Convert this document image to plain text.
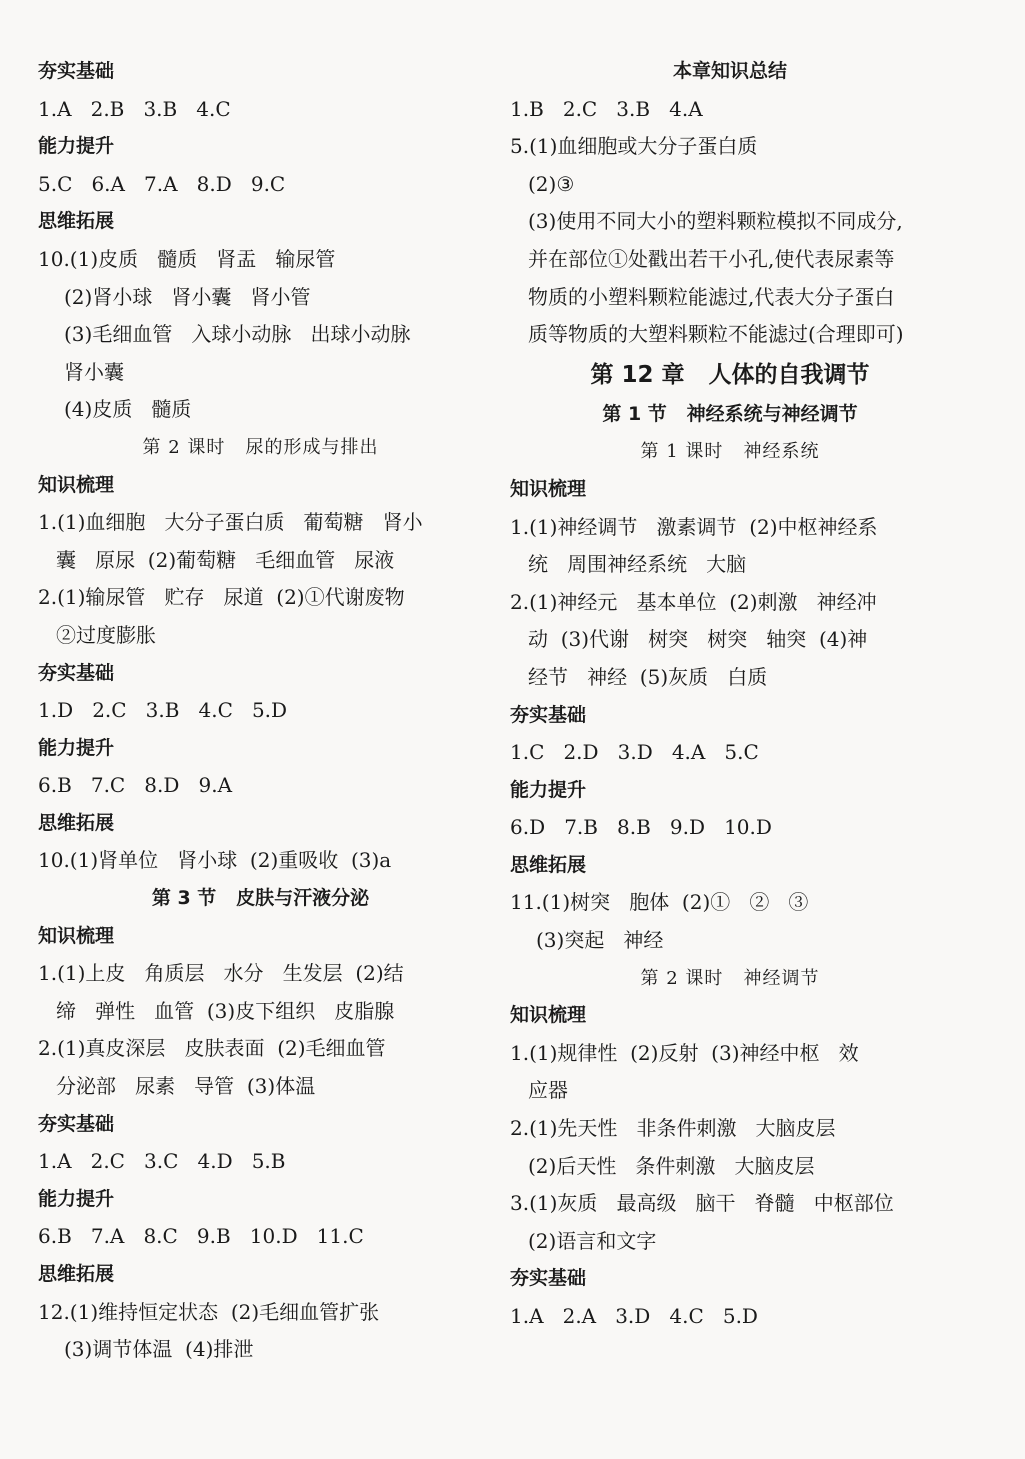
夯实基础
1.A   2.B   3.B   4.C
能力提升
5.C   6.A   7.A   8.D   9.C
思维拓展
10.(1)皮质   髓质   肾盂   输尿管
(2)肾小球   肾小囊   肾小管
(3)毛细血管   入球小动脉   出球小动脉
肾小囊
(4)皮质   髓质
第 2 课时   尿的形成与排出
知识梳理
1.(1)血细胞   大分子蛋白质   葡萄糖   肾小
囊   原尿  (2)葡萄糖   毛细血管   尿液
2.(1)输尿管   贮存   尿道  (2)①代谢废物
②过度膨胀
夯实基础
1.D   2.C   3.B   4.C   5.D
能力提升
6.B   7.C   8.D   9.A
思维拓展
10.(1)肾单位   肾小球  (2)重吸收  (3)a
第 3 节   皮肤与汗液分泌
知识梳理
1.(1)上皮   角质层   水分   生发层  (2)结
缔   弹性   血管  (3)皮下组织   皮脂腺
2.(1)真皮深层   皮肤表面  (2)毛细血管
分泌部   尿素   导管  (3)体温
夯实基础
1.A   2.C   3.C   4.D   5.B
能力提升
6.B   7.A   8.C   9.B   10.D   11.C
思维拓展
12.(1)维持恒定状态  (2)毛细血管扩张
(3)调节体温  (4)排泄
本章知识总结
1.B   2.C   3.B   4.A
5.(1)血细胞或大分子蛋白质
(2)③
(3)使用不同大小的塑料颗粒模拟不同成分,
并在部位①处戳出若干小孔,使代表尿素等
物质的小塑料颗粒能滤过,代表大分子蛋白
质等物质的大塑料颗粒不能滤过(合理即可)
第 12 章   人体的自我调节
第 1 节   神经系统与神经调节
第 1 课时   神经系统
知识梳理
1.(1)神经调节   激素调节  (2)中枢神经系
统   周围神经系统   大脑
2.(1)神经元   基本单位  (2)刺激   神经冲
动  (3)代谢   树突   树突   轴突  (4)神
经节   神经  (5)灰质   白质
夯实基础
1.C   2.D   3.D   4.A   5.C
能力提升
6.D   7.B   8.B   9.D   10.D
思维拓展
11.(1)树突   胞体  (2)①   ②   ③
(3)突起   神经
第 2 课时   神经调节
知识梳理
1.(1)规律性  (2)反射  (3)神经中枢   效
应器
2.(1)先天性   非条件刺激   大脑皮层
(2)后天性   条件刺激   大脑皮层
3.(1)灰质   最高级   脑干   脊髓   中枢部位
(2)语言和文字
夯实基础
1.A   2.A   3.D   4.C   5.D
